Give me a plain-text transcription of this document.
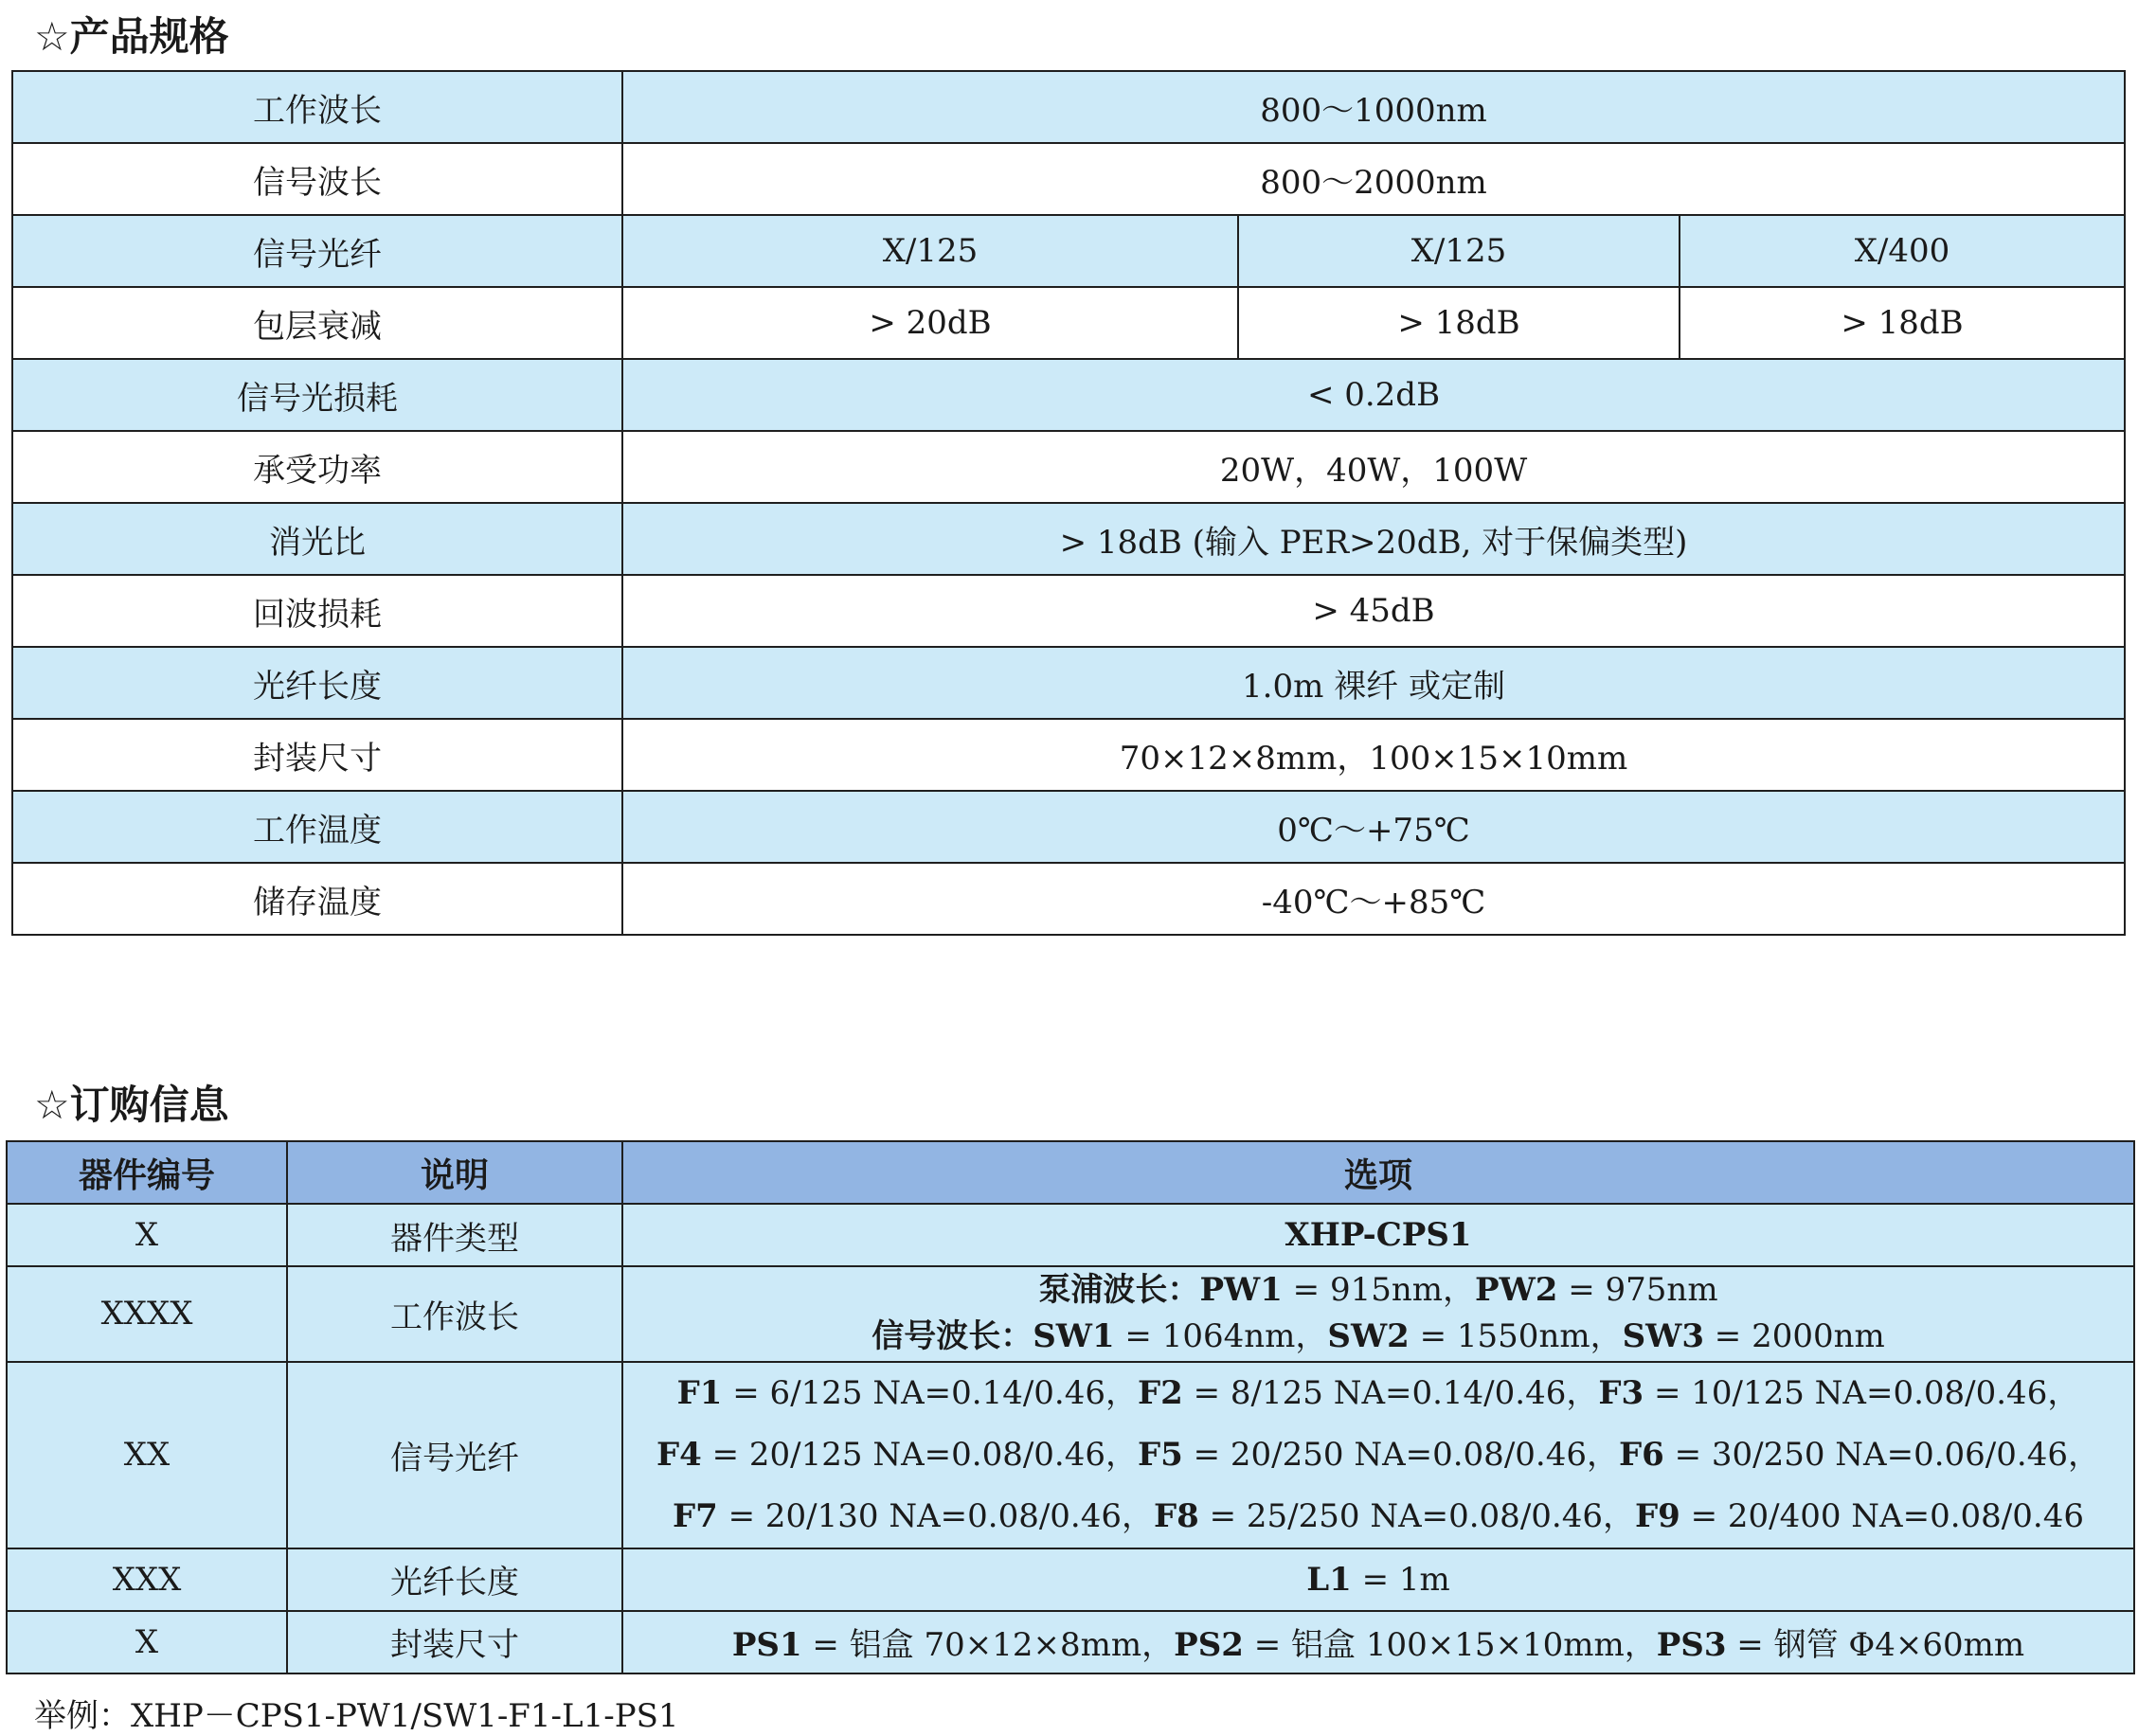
☆产品规格
工作波长	800～1000nm		
信号波长	800～2000nm		
信号光纤	X/125	X/125	X/400
包层衰减	> 20dB	> 18dB	> 18dB
信号光损耗	< 0.2dB		
承受功率	20W，40W，100W		
消光比	> 18dB (输入 PER>20dB, 对于保偏类型)		
回波损耗	> 45dB		
光纤长度	1.0m 裸纤 或定制		
封装尺寸	70×12×8mm，100×15×10mm		
工作温度	0℃～+75℃		
储存温度	-40℃～+85℃		
☆订购信息
器件编号	说明	选项
X	器件类型	XHP-CPS1
XXXX	工作波长	泵浦波长：PW1 = 915nm，PW2 = 975nm
信号波长：SW1 = 1064nm，SW2 = 1550nm，SW3 = 2000nm

XX	信号光纤	F1 = 6/125 NA=0.14/0.46，F2 = 8/125 NA=0.14/0.46，F3 = 10/125 NA=0.08/0.46，
F4 = 20/125 NA=0.08/0.46，F5 = 20/250 NA=0.08/0.46，F6 = 30/250 NA=0.06/0.46，
F7 = 20/130 NA=0.08/0.46，F8 = 25/250 NA=0.08/0.46，F9 = 20/400 NA=0.08/0.46

XXX	光纤长度	L1 = 1m
X	封装尺寸	PS1 = 铝盒 70×12×8mm，PS2 = 铝盒 100×15×10mm，PS3 = 钢管 Φ4×60mm
举例：XHP－CPS1-PW1/SW1-F1-L1-PS1
